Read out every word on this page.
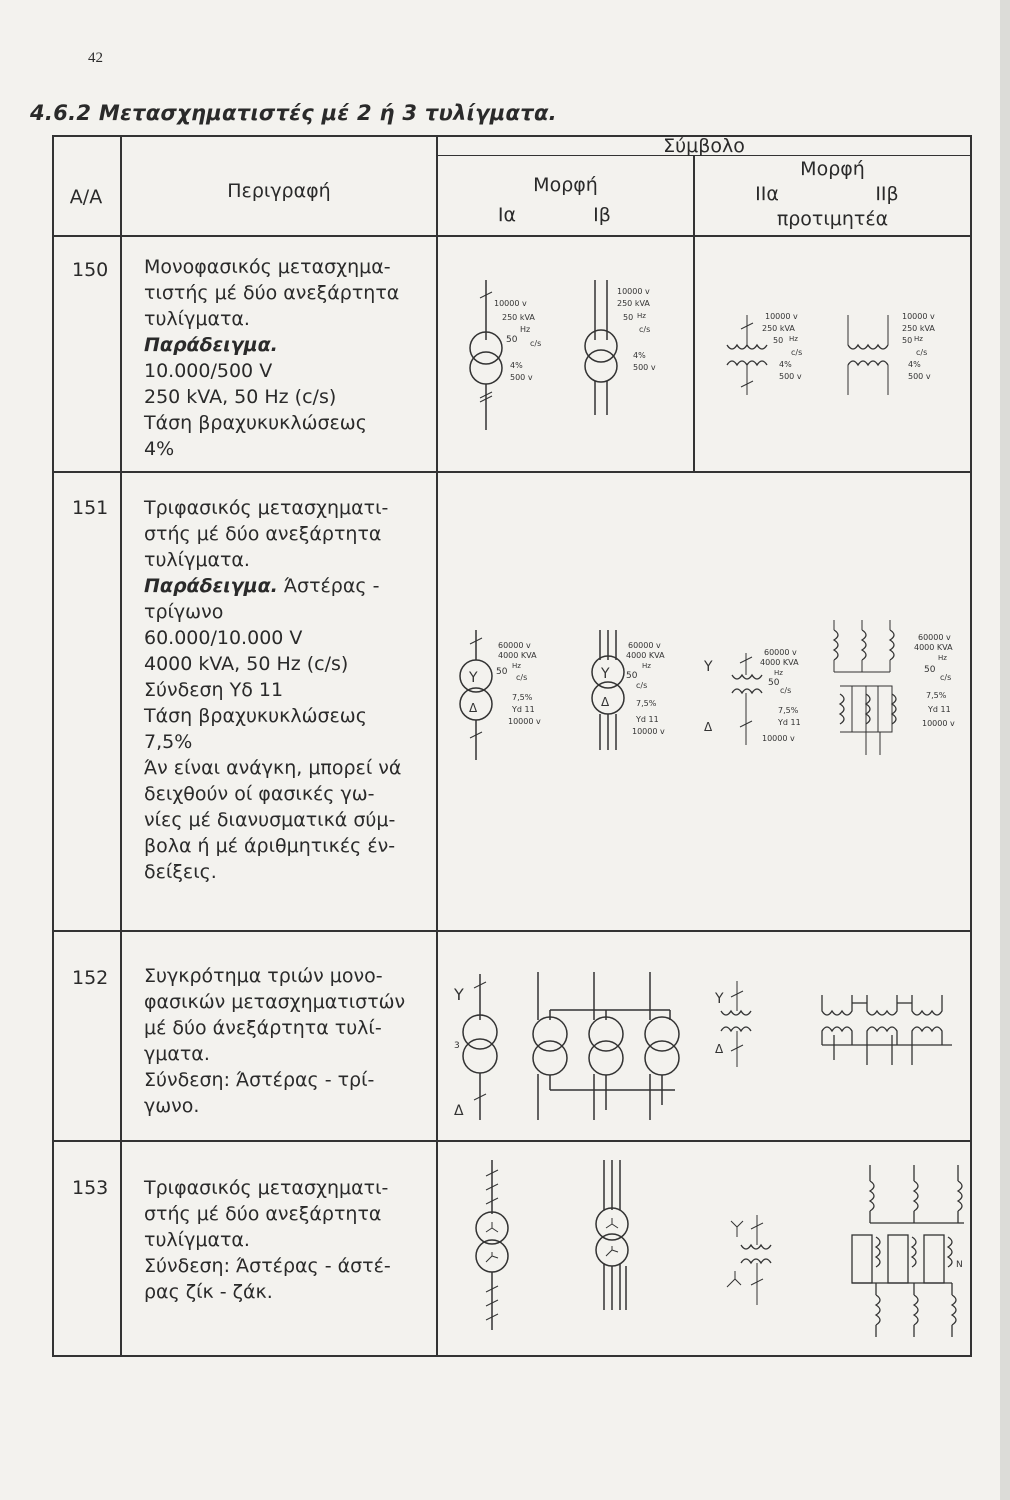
42
4.6.2 Μετασχηματιστές μέ 2 ή 3 τυλίγματα.
Α/Α	Περιγραφή
Σύμβολο
Μορφή
Ια	Ιβ
Μορφή
ΙΙα	ΙΙβ
προτιμητέα
150	Μονοφασικός μετασχημα-
τιστής μέ δύο ανεξάρτητα
τυλίγματα.
Παράδειγμα.
10.000/500 V
250 kVA, 50 Hz (c/s)
Τάση βραχυκυκλώσεως
4%
10000 v
250 kVA
Hz
50 c/s
4%
500 v
10000 v
250 kVA
50 Hz
c/s
4%
500 v
10000 v
250 kVA
50 Hz
c/s
4%
500 v
10000 v
250 kVA
50 Hz
c/s
4%
500 v
151	Τριφασικός μετασχηματι-
στής μέ δύο ανεξάρτητα
τυλίγματα.
Παράδειγμα. Άστέρας -
τρίγωνο
60.000/10.000 V
4000 kVA, 50 Hz (c/s)
Σύνδεση Υδ 11
Τάση βραχυκυκλώσεως
7,5%
Άν είναι ανάγκη, μπορεί νά
δειχθούν οί φασικές γω-
νίες μέ διανυσματικά σύμ-
βολα ή μέ άριθμητικές έν-
δείξεις.
Y
Δ
60000 v
4000 KVA
Hz
50
c/s
7,5%
Yd 11
10000 v
Y
Δ
60000 v
4000 KVA
Hz
50
c/s
7,5%
Yd 11
10000 v
Y
Δ
60000 v
4000 KVA
Hz
50
c/s
7,5%
Yd 11
10000 v
60000 v
4000 KVA
Hz
50
c/s
7,5%
Yd 11
10000 v
152	Συγκρότημα τριών μονο-
φασικών μετασχηματιστών
μέ δύο άνεξάρτητα τυλί-
γματα.
Σύνδεση: Άστέρας - τρί-
γωνο.
Y
3
Δ
Y
Δ
153	Τριφασικός μετασχηματι-
στής μέ δύο ανεξάρτητα
τυλίγματα.
Σύνδεση: Άστέρας - άστέ-
ρας ζίκ - ζάκ.
N
